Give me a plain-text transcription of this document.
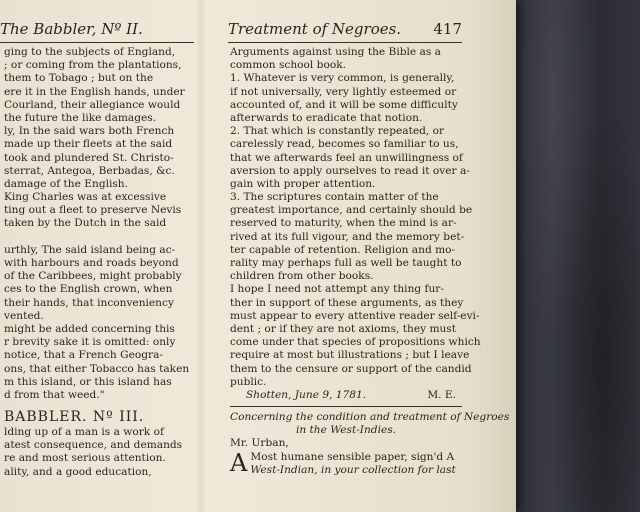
The Babbler, Nº II.
ging to the subjects of England,
; or coming from the plantations,
them to Tobago ; but on the
ere it in the English hands, under
Courland, their allegiance would
the future the like damages.
ly, In the said wars both French
made up their fleets at the said
took and plundered St. Christo-
sterrat, Antegoa, Berbadas, &c.
damage of the English.
King Charles was at excessive
ting out a fleet to preserve Nevis
taken by the Dutch in the said
urthly, The said island being ac-
with harbours and roads beyond
of the Caribbees, might probably
ces to the English crown, when
their hands, that inconveniency
vented.
might be added concerning this
r brevity sake it is omitted: only
notice, that a French Geogra-
ons, that either Tobacco has taken
m this island, or this island has
d from that weed."
BABBLER. Nº III.
lding up of a man is a work of
atest consequence, and demands
re and most serious attention.
ality, and a good education,
Treatment of Negroes. 417
Arguments against using the Bible as a
common school book.
1. Whatever is very common, is generally,
if not universally, very lightly esteemed or
accounted of, and it will be some difficulty
afterwards to eradicate that notion.
2. That which is constantly repeated, or
carelessly read, becomes so familiar to us,
that we afterwards feel an unwillingness of
aversion to apply ourselves to read it over a-
gain with proper attention.
3. The scriptures contain matter of the
greatest importance, and certainly should be
reserved to maturity, when the mind is ar-
rived at its full vigour, and the memory bet-
ter capable of retention. Religion and mo-
rality may perhaps full as well be taught to
children from other books.
I hope I need not attempt any thing fur-
ther in support of these arguments, as they
must appear to every attentive reader self-evi-
dent ; or if they are not axioms, they must
come under that species of propositions which
require at most but illustrations ; but I leave
them to the censure or support of the candid
public.
Shotten, June 9, 1781.	M. E.
Concerning the condition and treatment of Negroes
in the West-Indies.
Mr. Urban,
A Most humane sensible paper, sign'd A
West-Indian, in your collection for last
